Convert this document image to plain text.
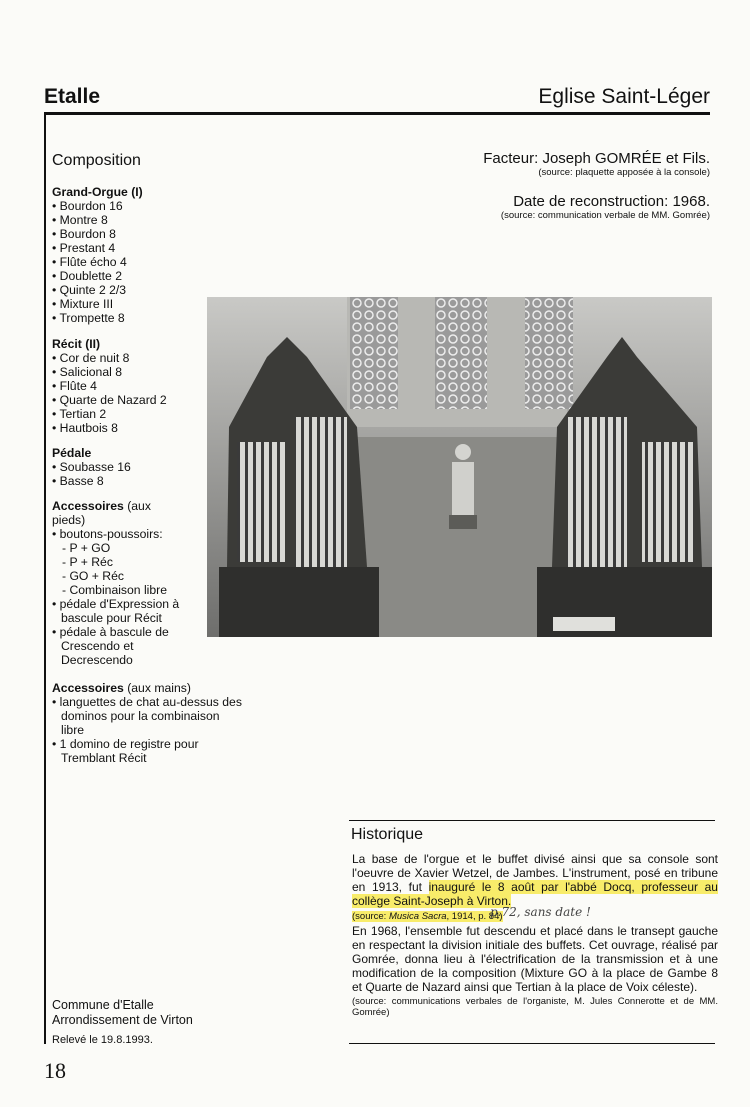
Etalle	Eglise Saint-Léger
Composition
Grand-Orgue (I)
• Bourdon 16
• Montre 8
• Bourdon 8
• Prestant 4
• Flûte écho 4
• Doublette 2
• Quinte 2 2/3
• Mixture III
• Trompette 8
Récit (II)
• Cor de nuit 8
• Salicional 8
• Flûte 4
• Quarte de Nazard 2
• Tertian 2
• Hautbois 8
Pédale
• Soubasse 16
• Basse 8
Accessoires (aux pieds)
• boutons-poussoirs:
- P + GO
- P + Réc
- GO + Réc
- Combinaison libre
• pédale d'Expression à bascule pour Récit
• pédale à bascule de Crescendo et Decrescendo
Accessoires (aux mains)
• languettes de chat au-dessus des dominos pour la combinaison libre
• 1 domino de registre pour Tremblant Récit
Facteur: Joseph GOMRÉE et Fils.
(source: plaquette apposée à la console)
Date de reconstruction: 1968.
(source: communication verbale de MM. Gomrée)
Historique

La base de l'orgue et le buffet divisé ainsi que sa console sont l'oeuvre de Xavier Wetzel, de Jambes. L'instrument, posé en tribune en 1913, fut inauguré le 8 août par l'abbé Docq, professeur au collège Saint-Joseph à Virton.
(source: Musica Sacra, 1914, p. 84)

En 1968, l'ensemble fut descendu et placé dans le transept gauche en respectant la division initiale des buffets. Cet ouvrage, réalisé par Gomrée, donna lieu à l'électrification de la transmission et à une modification de la composition (Mixture GO à la place de Gambe 8 et Quarte de Nazard ainsi que Tertian à la place de Voix céleste).

(source: communications verbales de l'organiste, M. Jules Connerotte et de MM. Gomrée)

p.72, sans date !
Commune d'Etalle
Arrondissement de Virton
Relevé le 19.8.1993.
18
